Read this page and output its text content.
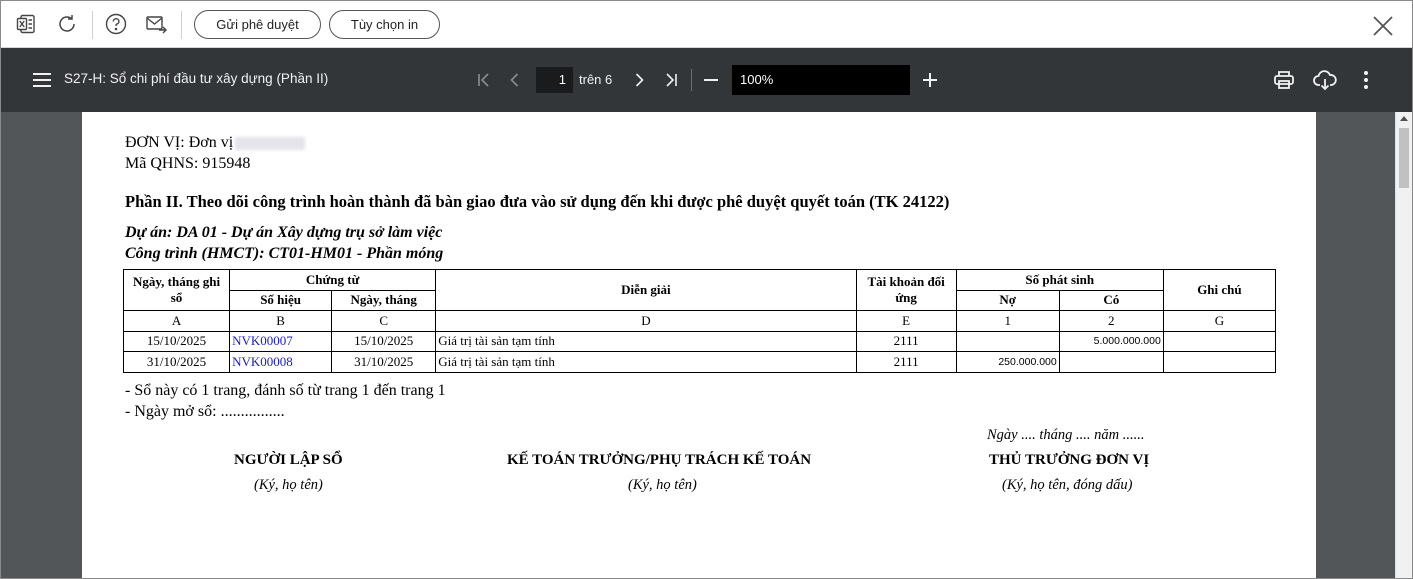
Gửi phê duyệt	Tùy chọn in
S27-H: Sổ chi phí đầu tư xây dựng (Phần II)	1	trên 6	100%
ĐƠN VỊ: Đơn vị
Mã QHNS: 915948
Phần II. Theo dõi công trình hoàn thành đã bàn giao đưa vào sử dụng đến khi được phê duyệt quyết toán (TK 24122)
Dự án: DA 01 - Dự án Xây dựng trụ sở làm việc
Công trình (HMCT): CT01-HM01 - Phần móng
Ngày, tháng ghi sổ	Chứng từ		Diễn giải	Tài khoản đối ứng	Số phát sinh		Ghi chú
	Số hiệu	Ngày, tháng			Nợ	Có	
A	B	C	D	E	1	2	G
15/10/2025	NVK00007	15/10/2025	Giá trị tài sản tạm tính	2111		5.000.000.000	
31/10/2025	NVK00008	31/10/2025	Giá trị tài sản tạm tính	2111	250.000.000		
- Sổ này có 1 trang, đánh số từ trang 1 đến trang 1
- Ngày mở sổ: ................
Ngày .... tháng .... năm ......
NGƯỜI LẬP SỔ
(Ký, họ tên)
KẾ TOÁN TRƯỞNG/PHỤ TRÁCH KẾ TOÁN
(Ký, họ tên)
THỦ TRƯỞNG ĐƠN VỊ
(Ký, họ tên, đóng dấu)
